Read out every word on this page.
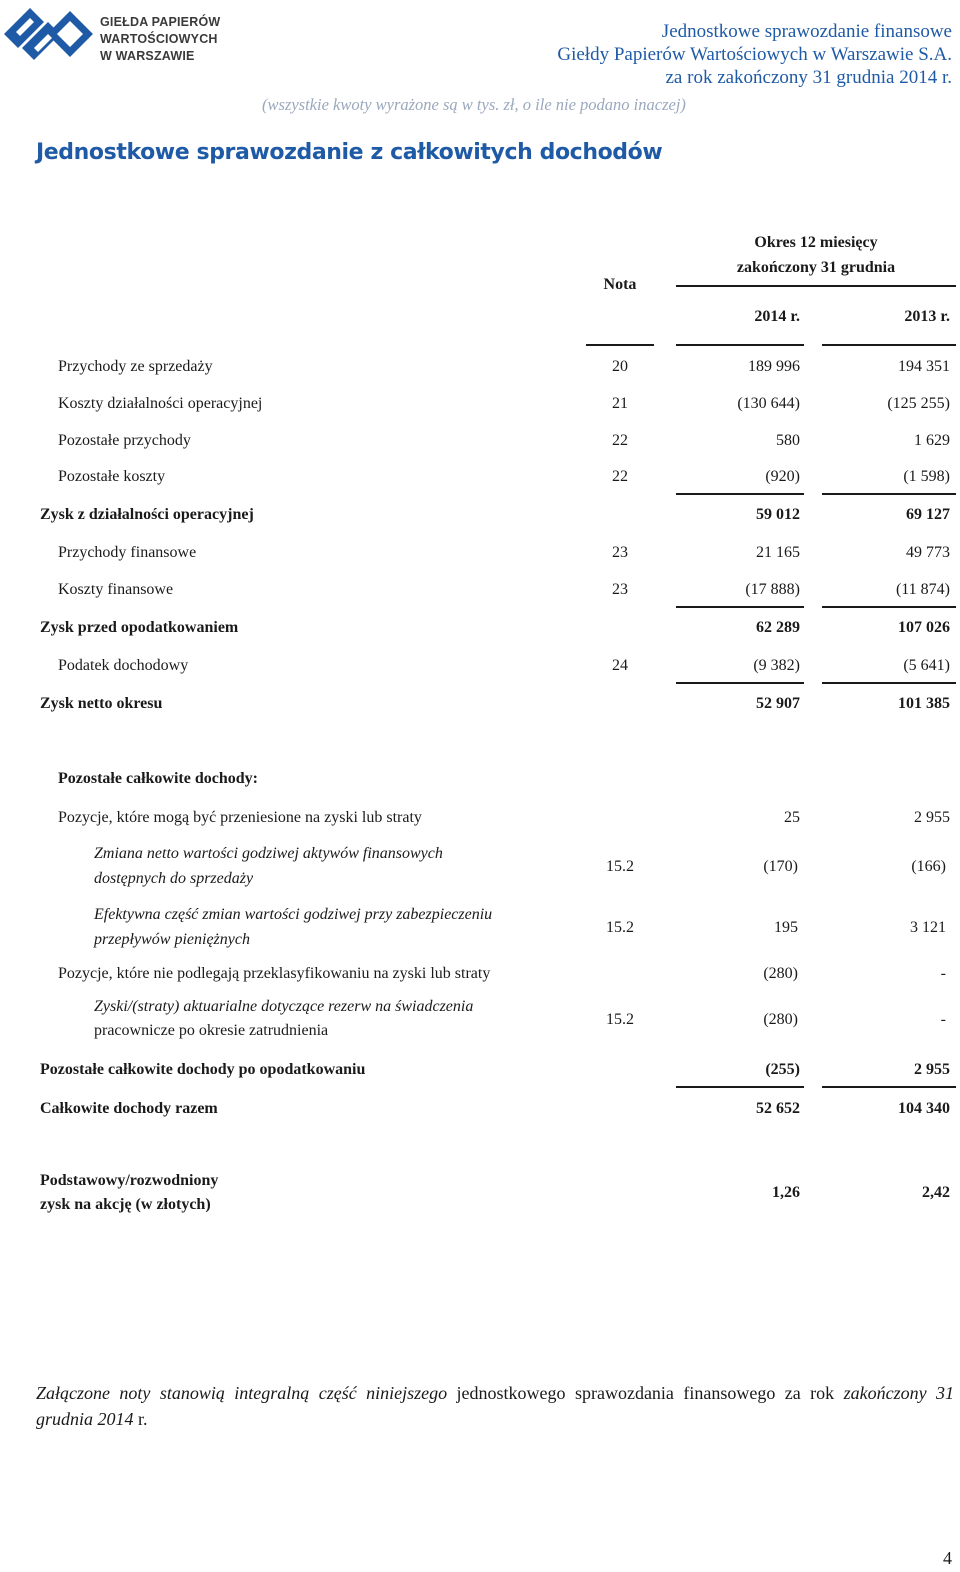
GIEŁDA PAPIERÓW
WARTOŚCIOWYCH
W WARSZAWIE
Jednostkowe sprawozdanie finansowe
Giełdy Papierów Wartościowych w Warszawie S.A.
za rok zakończony 31 grudnia 2014 r.
(wszystkie kwoty wyrażone są w tys. zł, o ile nie podano inaczej)
Jednostkowe sprawozdanie z całkowitych dochodów
Nota
Okres 12 miesięcy
zakończony 31 grudnia
2014 r.	2013 r.
Przychody ze sprzedaży	20	189 996	194 351
Koszty działalności operacyjnej	21	(130 644)	(125 255)
Pozostałe przychody	22	580	1 629
Pozostałe koszty	22	(920)	(1 598)
Zysk z działalności operacyjnej	59 012	69 127
Przychody finansowe	23	21 165	49 773
Koszty finansowe	23	(17 888)	(11 874)
Zysk przed opodatkowaniem	62 289	107 026
Podatek dochodowy	24	(9 382)	(5 641)
Zysk netto okresu	52 907	101 385
Pozostałe całkowite dochody:
Pozycje, które mogą być przeniesione na zyski lub straty	25	2 955
Zmiana netto wartości godziwej aktywów finansowych
dostępnych do sprzedaży
15.2	(170)	(166)
Efektywna część zmian wartości godziwej przy zabezpieczeniu
przepływów pieniężnych
15.2	195	3 121
Pozycje, które nie podlegają przeklasyfikowaniu na zyski lub straty	(280)	-
Zyski/(straty) aktuarialne dotyczące rezerw na świadczenia
pracownicze po okresie zatrudnienia
15.2	(280)	-
Pozostałe całkowite dochody po opodatkowaniu	(255)	2 955
Całkowite dochody razem	52 652	104 340
Podstawowy/rozwodniony
zysk na akcję (w złotych)
1,26	2,42
Załączone noty stanowią integralną część niniejszego jednostkowego sprawozdania finansowego za rok zakończony 31 grudnia 2014 r.
4
